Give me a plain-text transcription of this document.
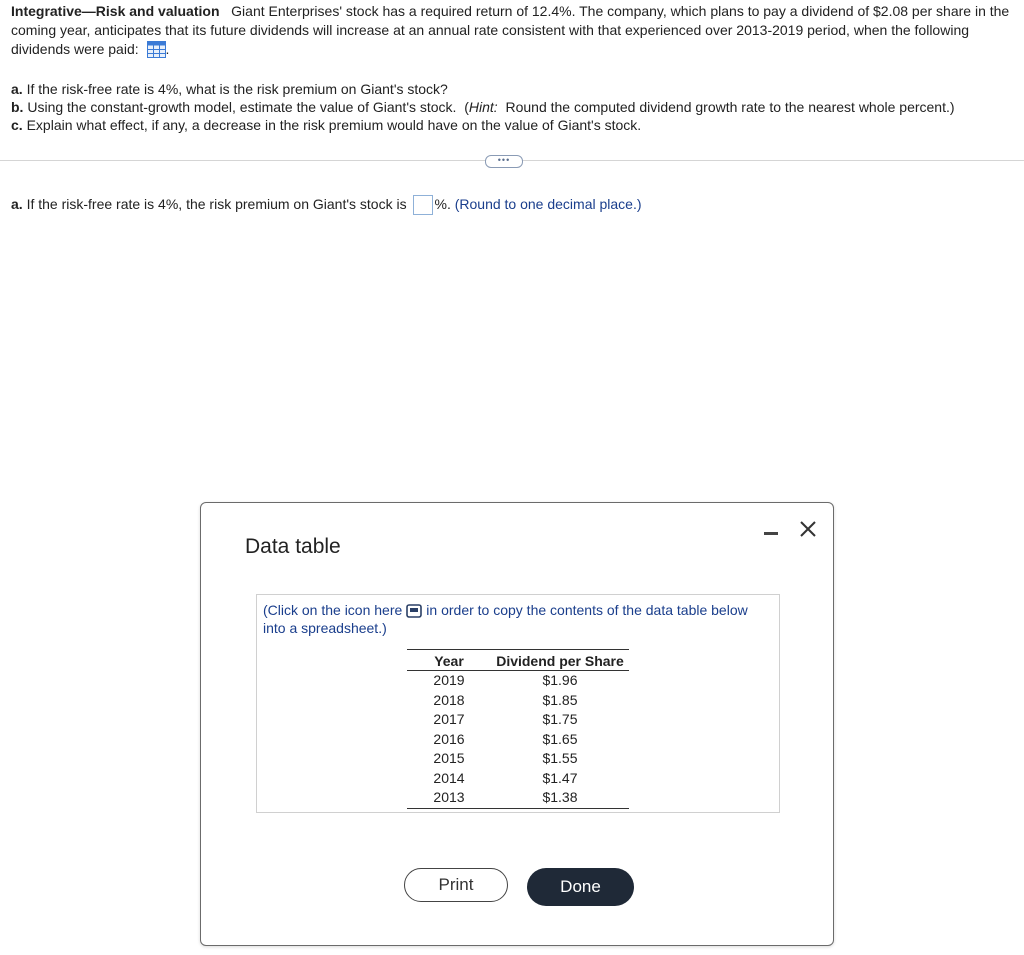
Integrative—Risk and valuation Giant Enterprises' stock has a required return of 12.4%. The company, which plans to pay a dividend of $2.08 per share in the coming year, anticipates that its future dividends will increase at an annual rate consistent with that experienced over 2013-2019 period, when the following dividends were paid: .

a. If the risk-free rate is 4%, what is the risk premium on Giant's stock?
b. Using the constant-growth model, estimate the value of Giant's stock.  (Hint: Round the computed dividend growth rate to the nearest whole percent.)
c. Explain what effect, if any, a decrease in the risk premium would have on the value of Giant's stock.
•••
a. If the risk-free rate is 4%, the risk premium on Giant's stock is %. (Round to one decimal place.)
Data table
(Click on the icon here in order to copy the contents of the data table below into a spreadsheet.)
Year	Dividend per Share
2019	$1.96
2018	$1.85
2017	$1.75
2016	$1.65
2015	$1.55
2014	$1.47
2013	$1.38
Print	Done
